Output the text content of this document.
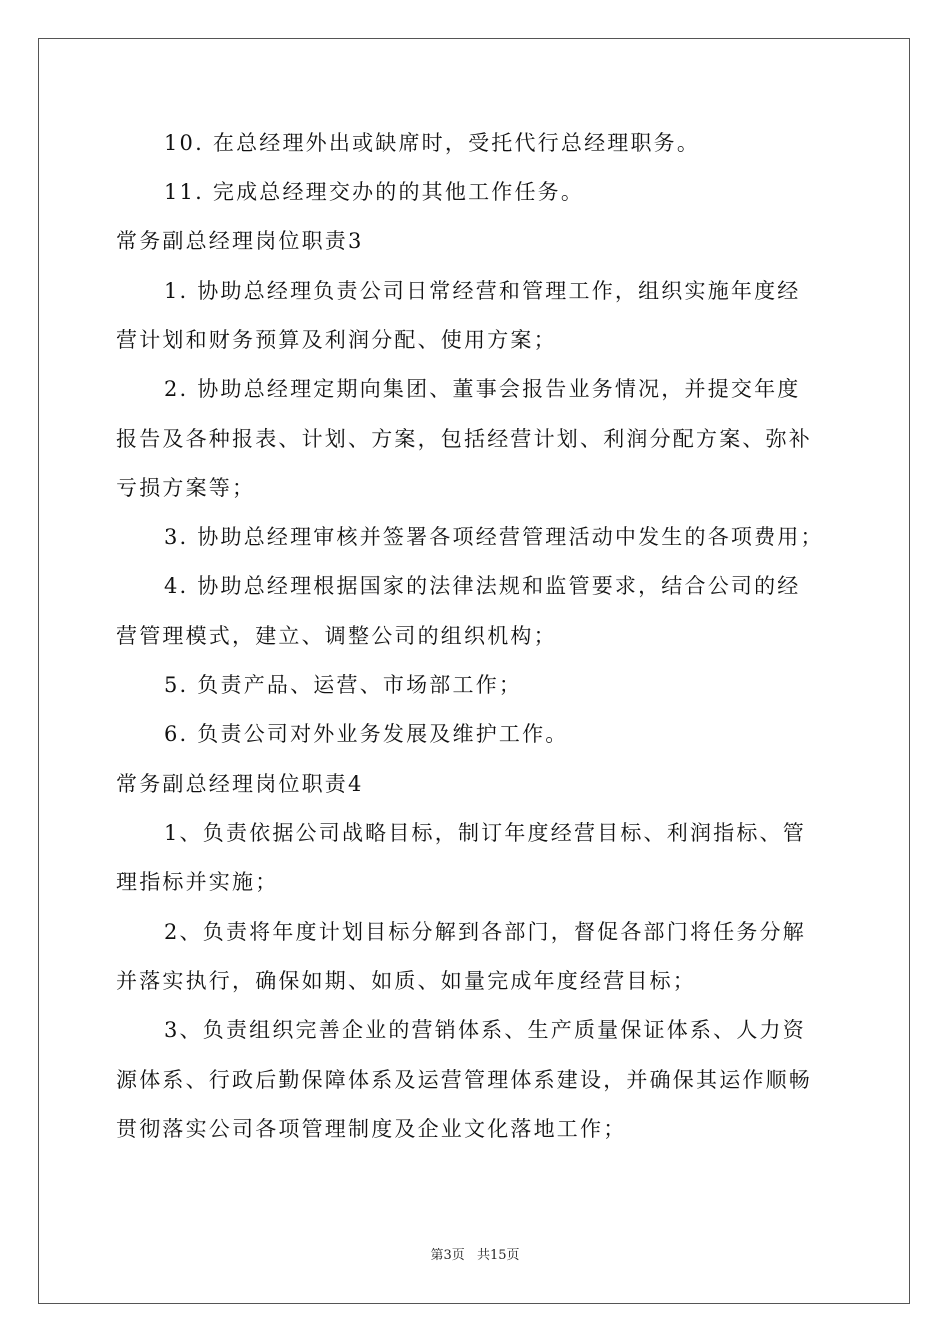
10. 在总经理外出或缺席时，受托代行总经理职务。
11. 完成总经理交办的的其他工作任务。
常务副总经理岗位职责3
1. 协助总经理负责公司日常经营和管理工作，组织实施年度经
营计划和财务预算及利润分配、使用方案；
2. 协助总经理定期向集团、董事会报告业务情况，并提交年度
报告及各种报表、计划、方案，包括经营计划、利润分配方案、弥补
亏损方案等；
3. 协助总经理审核并签署各项经营管理活动中发生的各项费用；
4. 协助总经理根据国家的法律法规和监管要求，结合公司的经
营管理模式，建立、调整公司的组织机构；
5. 负责产品、运营、市场部工作；
6. 负责公司对外业务发展及维护工作。
常务副总经理岗位职责4
1、负责依据公司战略目标，制订年度经营目标、利润指标、管
理指标并实施；
2、负责将年度计划目标分解到各部门，督促各部门将任务分解
并落实执行，确保如期、如质、如量完成年度经营目标；
3、负责组织完善企业的营销体系、生产质量保证体系、人力资
源体系、行政后勤保障体系及运营管理体系建设，并确保其运作顺畅
贯彻落实公司各项管理制度及企业文化落地工作；
第3页 共15页
